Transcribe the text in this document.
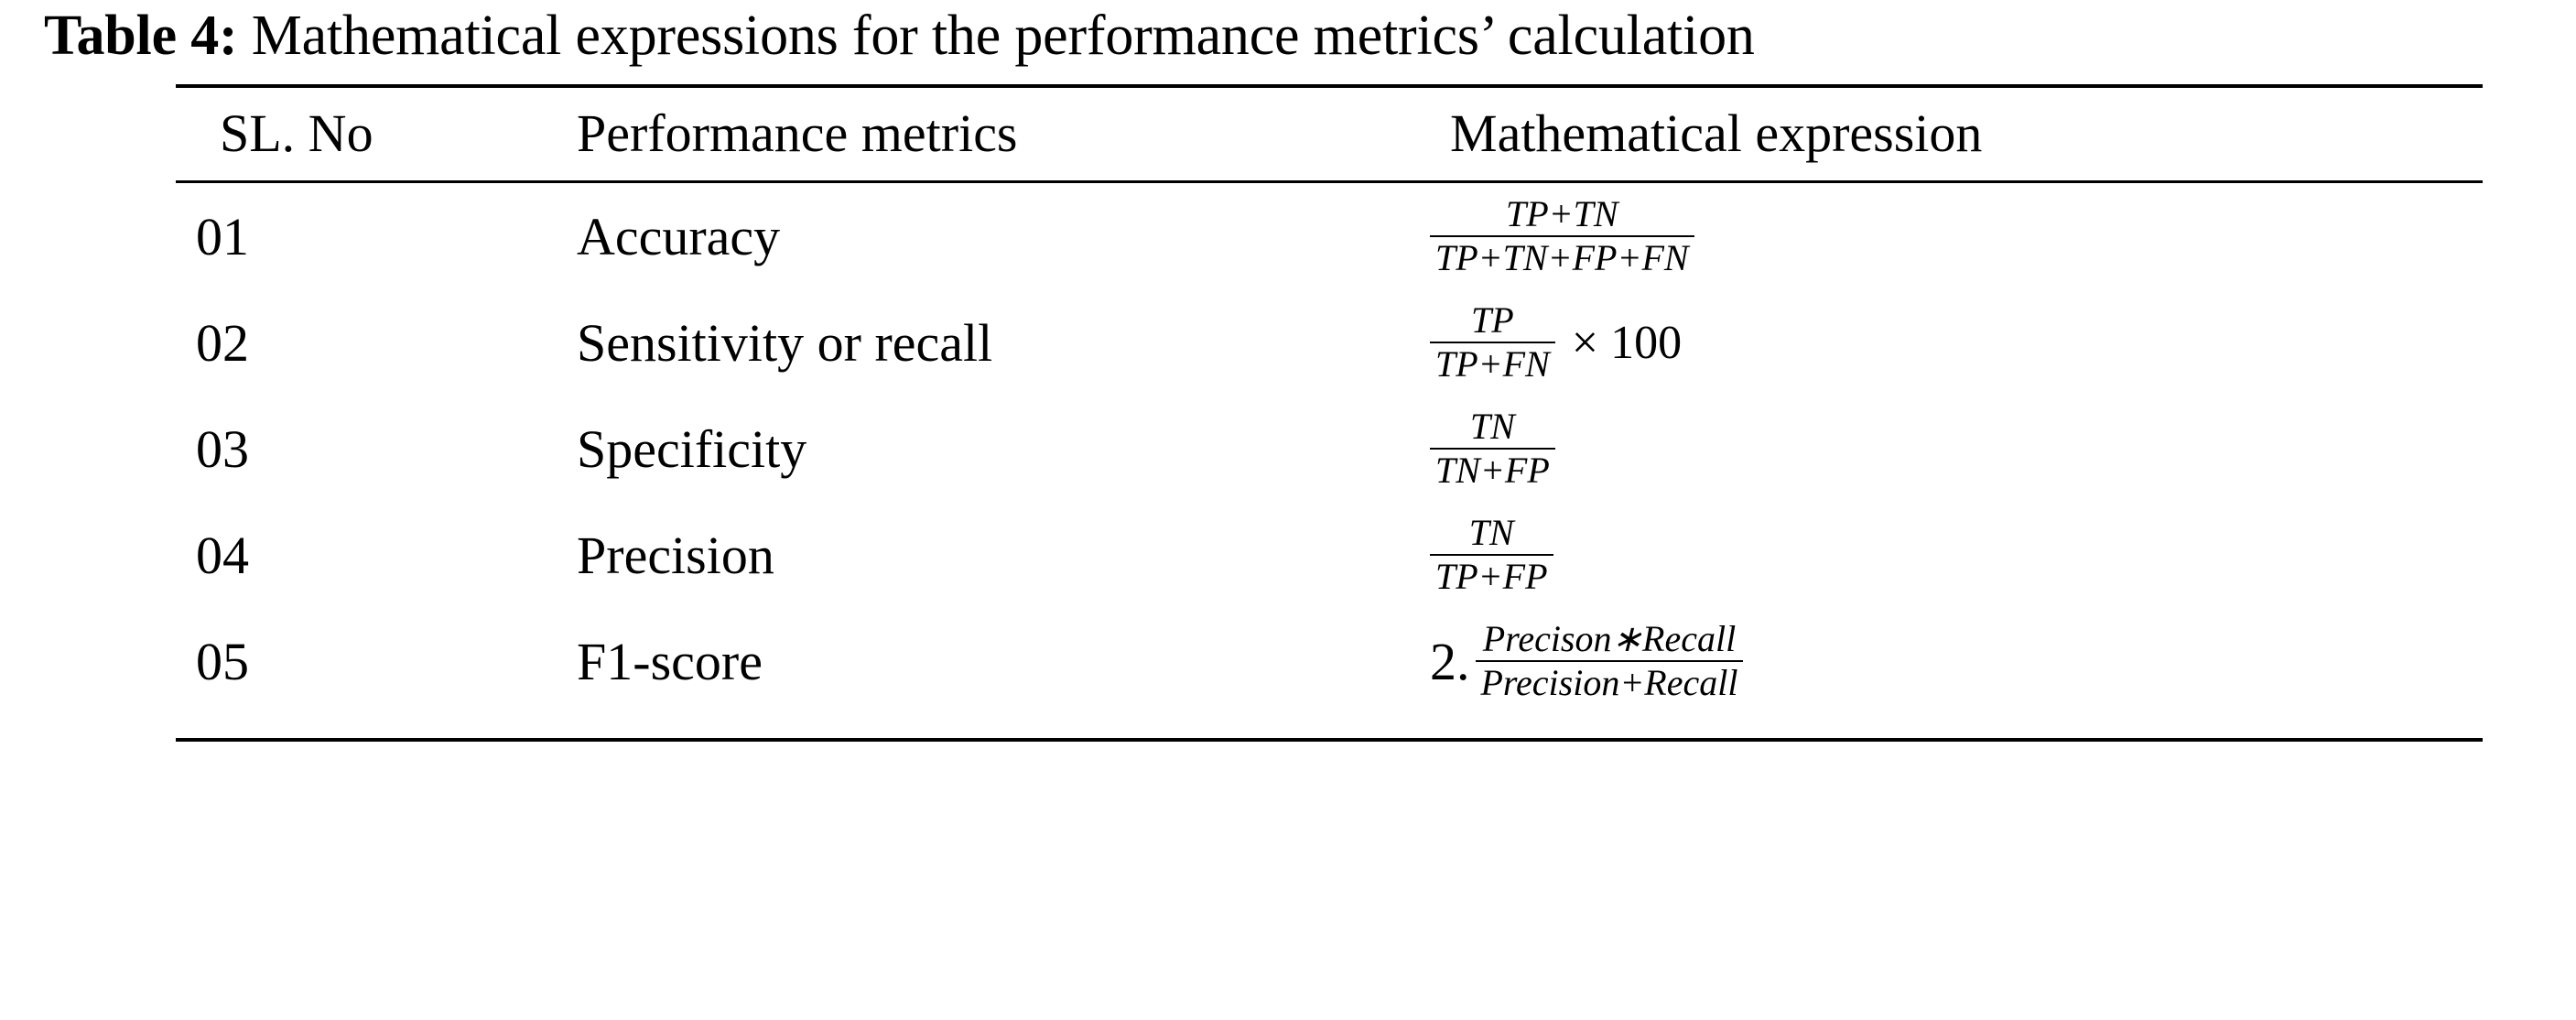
Table 4: Mathematical expressions for the performance metrics’ calculation
SL. No	Performance metrics	Mathematical expression
01	Accuracy	$\frac{TP+TN}{TP+TN+FP+FN}$

02	Sensitivity or recall	$\frac{TP}{TP+FN} \times 100$

03	Specificity	$\frac{TN}{TN+FP}$

04	Precision	$\frac{TN}{TP+FP}$

05	F1-score	2. $\frac{\text{Precison∗Recall}}{\text{Precision+Recall}}$
